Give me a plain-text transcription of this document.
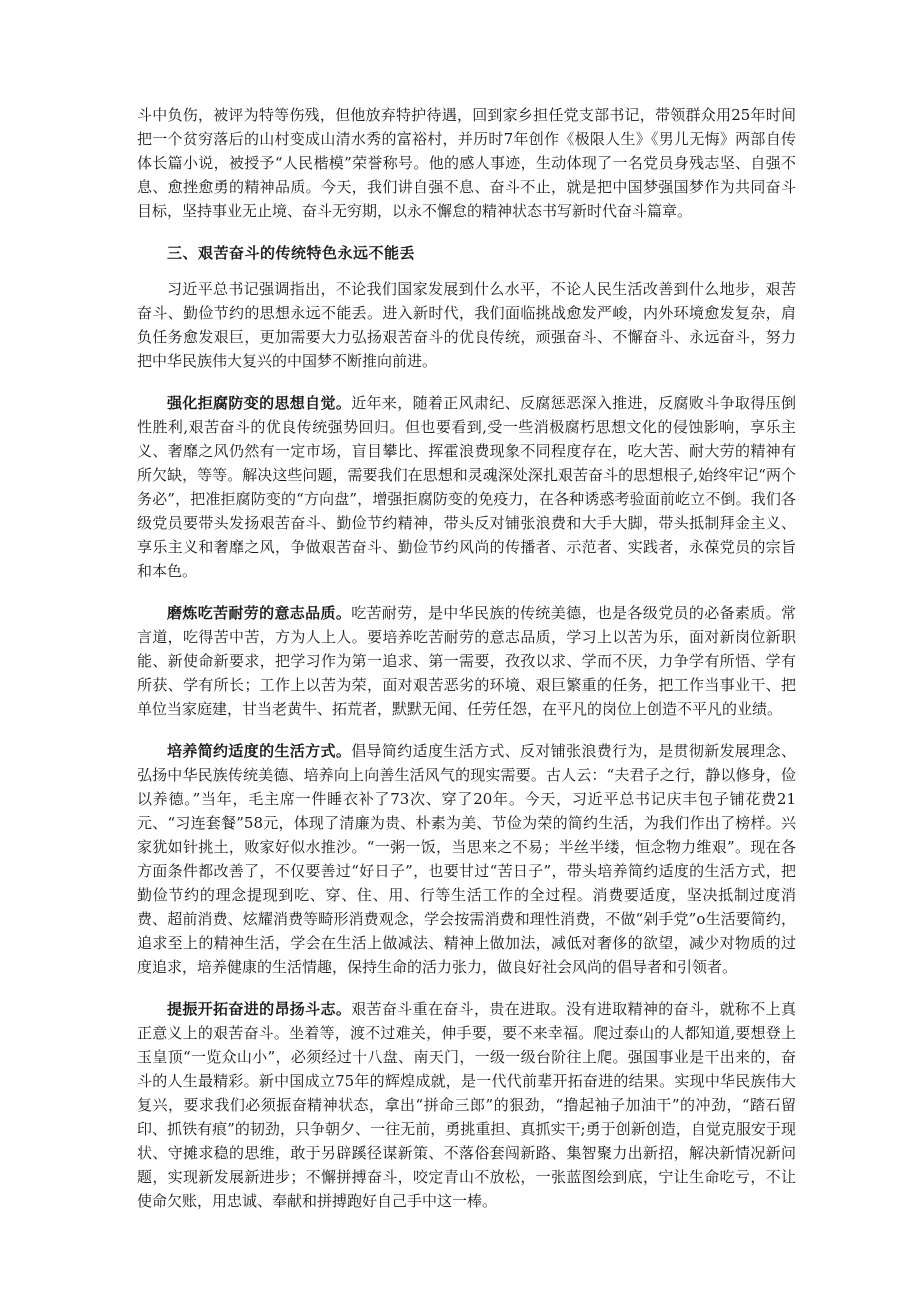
斗中负伤，被评为特等伤残，但他放弃特护待遇，回到家乡担任党支部书记，带领群众用25年时间把一个贫穷落后的山村变成山清水秀的富裕村，并历时7年创作《极限人生》《男儿无悔》两部自传体长篇小说，被授予“人民楷模”荣誉称号。他的感人事迹，生动体现了一名党员身残志坚、自强不息、愈挫愈勇的精神品质。今天，我们讲自强不息、奋斗不止，就是把中国梦强国梦作为共同奋斗目标，坚持事业无止境、奋斗无穷期，以永不懈怠的精神状态书写新时代奋斗篇章。

三、艰苦奋斗的传统特色永远不能丢

习近平总书记强调指出，不论我们国家发展到什么水平，不论人民生活改善到什么地步，艰苦奋斗、勤俭节约的思想永远不能丢。进入新时代，我们面临挑战愈发严峻，内外环境愈发复杂，肩负任务愈发艰巨，更加需要大力弘扬艰苦奋斗的优良传统，顽强奋斗、不懈奋斗、永远奋斗，努力把中华民族伟大复兴的中国梦不断推向前进。

强化拒腐防变的思想自觉。近年来，随着正风肃纪、反腐惩恶深入推进，反腐败斗争取得压倒性胜利,艰苦奋斗的优良传统强势回归。但也要看到,受一些消极腐朽思想文化的侵蚀影响，享乐主义、奢靡之风仍然有一定市场，盲目攀比、挥霍浪费现象不同程度存在，吃大苦、耐大劳的精神有所欠缺，等等。解决这些问题，需要我们在思想和灵魂深处深扎艰苦奋斗的思想根子,始终牢记“两个务必”，把准拒腐防变的“方向盘”，增强拒腐防变的免疫力，在各种诱惑考验面前屹立不倒。我们各级党员要带头发扬艰苦奋斗、勤俭节约精神，带头反对铺张浪费和大手大脚，带头抵制拜金主义、享乐主义和奢靡之风，争做艰苦奋斗、勤俭节约风尚的传播者、示范者、实践者，永葆党员的宗旨和本色。

磨炼吃苦耐劳的意志品质。吃苦耐劳，是中华民族的传统美德，也是各级党员的必备素质。常言道，吃得苦中苦，方为人上人。要培养吃苦耐劳的意志品质，学习上以苦为乐，面对新岗位新职能、新使命新要求，把学习作为第一追求、第一需要，孜孜以求、学而不厌，力争学有所悟、学有所获、学有所长；工作上以苦为荣，面对艰苦恶劣的环境、艰巨繁重的任务，把工作当事业干、把单位当家庭建，甘当老黄牛、拓荒者，默默无闻、任劳任怨，在平凡的岗位上创造不平凡的业绩。

培养简约适度的生活方式。倡导简约适度生活方式、反对铺张浪费行为，是贯彻新发展理念、弘扬中华民族传统美德、培养向上向善生活风气的现实需要。古人云：“夫君子之行，静以修身，俭以养德。”当年，毛主席一件睡衣补了73次、穿了20年。今天，习近平总书记庆丰包子铺花费21元、“习连套餐”58元，体现了清廉为贵、朴素为美、节俭为荣的简约生活，为我们作出了榜样。兴家犹如针挑土，败家好似水推沙。“一粥一饭，当思来之不易；半丝半缕，恒念物力维艰”。现在各方面条件都改善了，不仅要善过“好日子”，也要甘过“苦日子”，带头培养简约适度的生活方式，把勤俭节约的理念提现到吃、穿、住、用、行等生活工作的全过程。消费要适度，坚决抵制过度消费、超前消费、炫耀消费等畸形消费观念，学会按需消费和理性消费，不做“剁手党”o生活要简约，追求至上的精神生活，学会在生活上做减法、精神上做加法，减低对奢侈的欲望，减少对物质的过度追求，培养健康的生活情趣，保持生命的活力张力，做良好社会风尚的倡导者和引领者。

提振开拓奋进的昂扬斗志。艰苦奋斗重在奋斗，贵在进取。没有进取精神的奋斗，就称不上真正意义上的艰苦奋斗。坐着等，渡不过难关，伸手要，要不来幸福。爬过泰山的人都知道,要想登上玉皇顶“一览众山小”，必须经过十八盘、南天门，一级一级台阶往上爬。强国事业是干出来的，奋斗的人生最精彩。新中国成立75年的辉煌成就，是一代代前辈开拓奋进的结果。实现中华民族伟大复兴，要求我们必须振奋精神状态，拿出“拼命三郎”的狠劲，“撸起袖子加油干”的冲劲，“踏石留印、抓铁有痕”的韧劲，只争朝夕、一往无前，勇挑重担、真抓实干;勇于创新创造，自觉克服安于现状、守摊求稳的思维，敢于另辟蹊径谋新策、不落俗套闯新路、集智聚力出新招，解决新情况新问题，实现新发展新进步；不懈拼搏奋斗，咬定青山不放松，一张蓝图绘到底，宁让生命吃亏，不让使命欠账，用忠诚、奉献和拼搏跑好自己手中这一棒。
